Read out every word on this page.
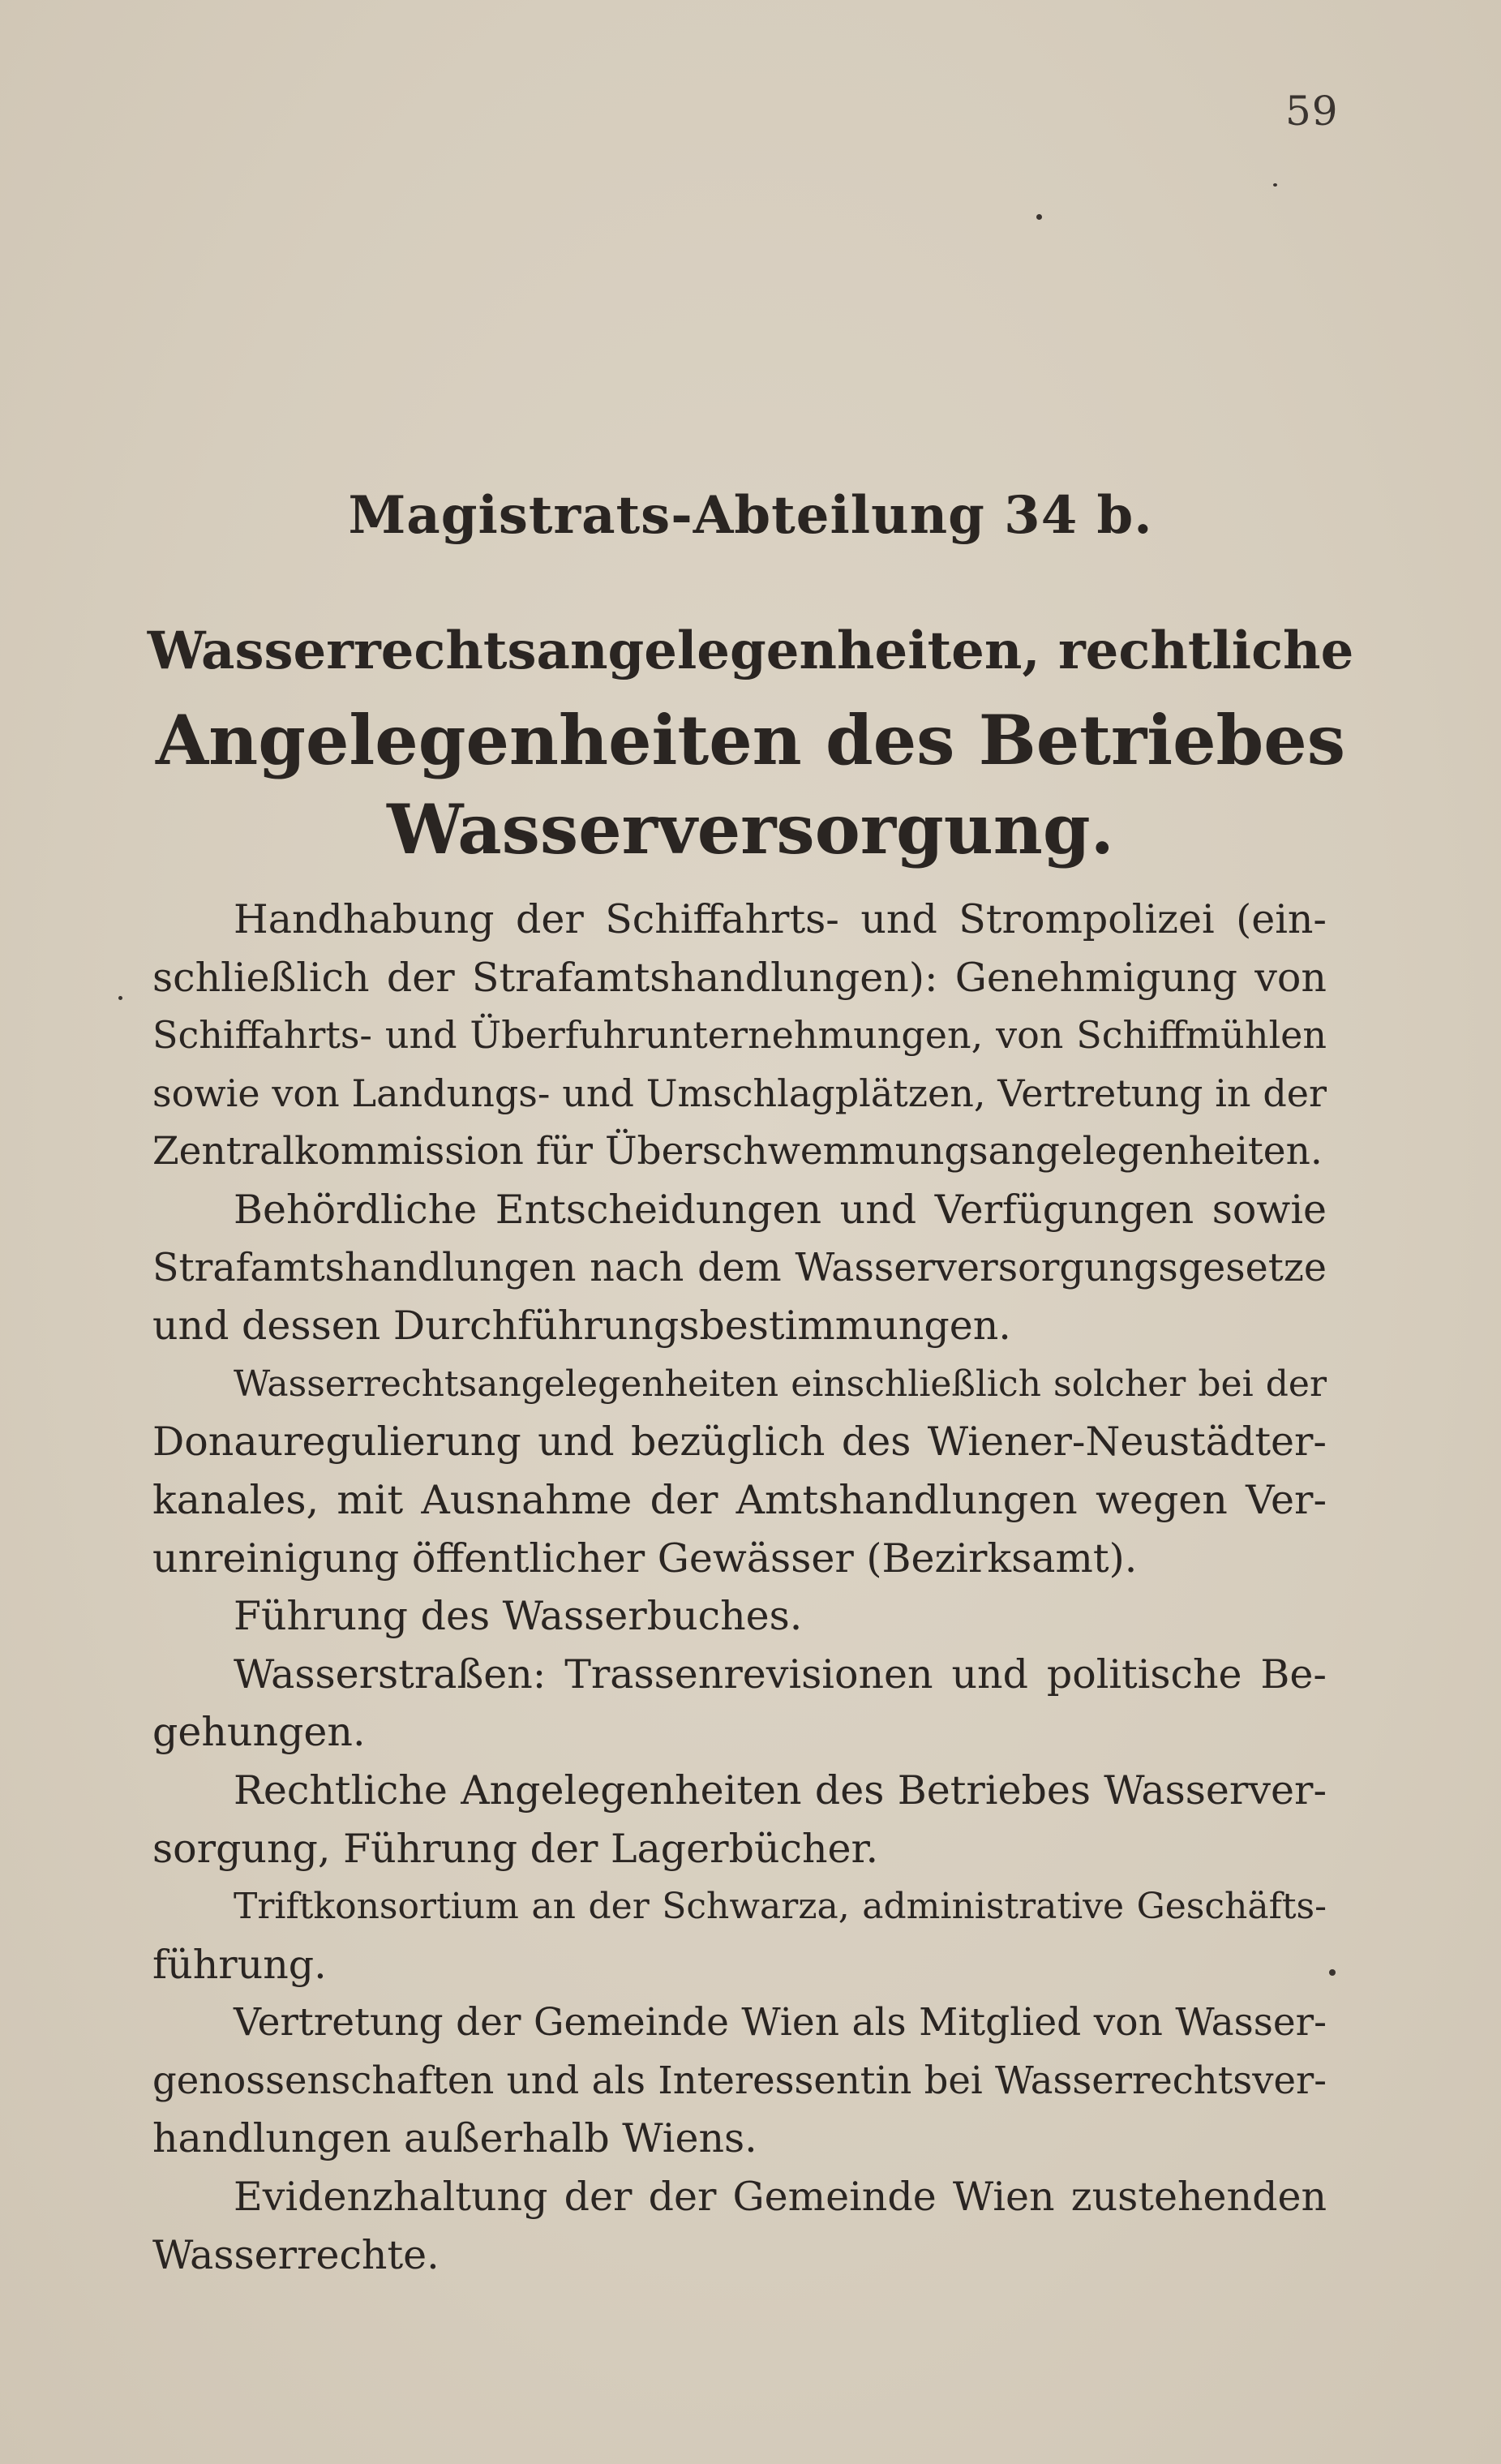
59
Magistrats-Abteilung 34 b.
Wasserrechtsangelegenheiten, rechtliche
Angelegenheiten des Betriebes
Wasserversorgung.

Handhabung der Schiffahrts- und Strompolizei (ein-
schließlich der Strafamtshandlungen): Genehmigung von
Schiffahrts- und Überfuhrunternehmungen, von Schiffmühlen
sowie von Landungs- und Umschlagplätzen, Vertretung in der
Zentralkommission für Überschwemmungsangelegenheiten.

Behördliche Entscheidungen und Verfügungen sowie
Strafamtshandlungen nach dem Wasserversorgungsgesetze
und dessen Durchführungsbestimmungen.

Wasserrechtsangelegenheiten einschließlich solcher bei der
Donauregulierung und bezüglich des Wiener-Neustädter-
kanales, mit Ausnahme der Amtshandlungen wegen Ver-
unreinigung öffentlicher Gewässer (Bezirksamt).

Führung des Wasserbuches.

Wasserstraßen: Trassenrevisionen und politische Be-
gehungen.

Rechtliche Angelegenheiten des Betriebes Wasserver-
sorgung, Führung der Lagerbücher.

Triftkonsortium an der Schwarza, administrative Geschäfts-
führung.

Vertretung der Gemeinde Wien als Mitglied von Wasser-
genossenschaften und als Interessentin bei Wasserrechtsver-
handlungen außerhalb Wiens.

Evidenzhaltung der der Gemeinde Wien zustehenden
Wasserrechte.
